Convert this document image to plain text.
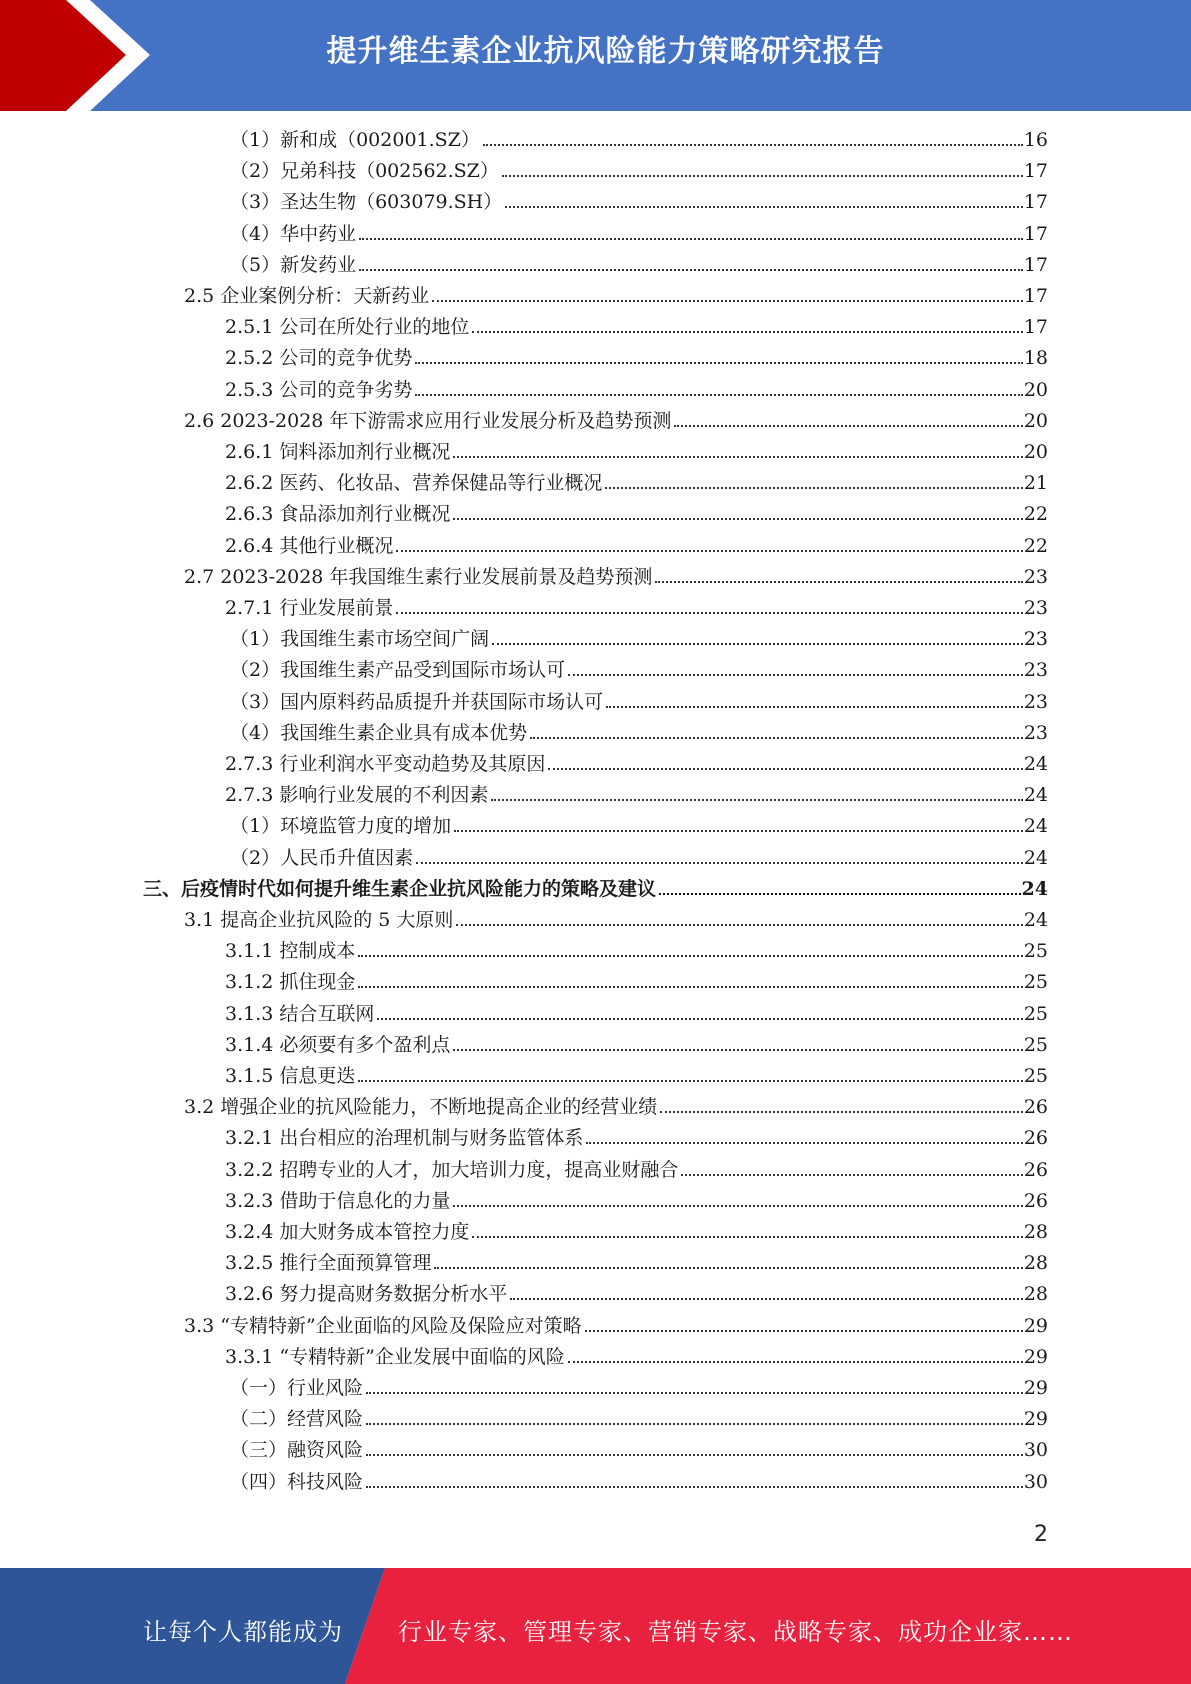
提升维生素企业抗风险能力策略研究报告
（1）新和成（002001.SZ）	16
（2）兄弟科技（002562.SZ）	17
（3）圣达生物（603079.SH）	17
（4）华中药业	17
（5）新发药业	17
2.5 企业案例分析：天新药业	17
2.5.1 公司在所处行业的地位	17
2.5.2 公司的竞争优势	18
2.5.3 公司的竞争劣势	20
2.6 2023-2028 年下游需求应用行业发展分析及趋势预测	20
2.6.1 饲料添加剂行业概况	20
2.6.2 医药、化妆品、营养保健品等行业概况	21
2.6.3 食品添加剂行业概况	22
2.6.4 其他行业概况	22
2.7 2023-2028 年我国维生素行业发展前景及趋势预测	23
2.7.1 行业发展前景	23
（1）我国维生素市场空间广阔	23
（2）我国维生素产品受到国际市场认可	23
（3）国内原料药品质提升并获国际市场认可	23
（4）我国维生素企业具有成本优势	23
2.7.3 行业利润水平变动趋势及其原因	24
2.7.3 影响行业发展的不利因素	24
（1）环境监管力度的增加	24
（2）人民币升值因素	24
三、后疫情时代如何提升维生素企业抗风险能力的策略及建议	24
3.1 提高企业抗风险的 5 大原则	24
3.1.1 控制成本	25
3.1.2 抓住现金	25
3.1.3 结合互联网	25
3.1.4 必须要有多个盈利点	25
3.1.5 信息更迭	25
3.2 增强企业的抗风险能力，不断地提高企业的经营业绩	26
3.2.1 出台相应的治理机制与财务监管体系	26
3.2.2 招聘专业的人才，加大培训力度，提高业财融合	26
3.2.3 借助于信息化的力量	26
3.2.4 加大财务成本管控力度	28
3.2.5 推行全面预算管理	28
3.2.6 努力提高财务数据分析水平	28
3.3 “专精特新”企业面临的风险及保险应对策略	29
3.3.1 “专精特新”企业发展中面临的风险	29
（一）行业风险	29
（二）经营风险	29
（三）融资风险	30
（四）科技风险	30
2
让每个人都能成为 行业专家、管理专家、营销专家、战略专家、成功企业家……
